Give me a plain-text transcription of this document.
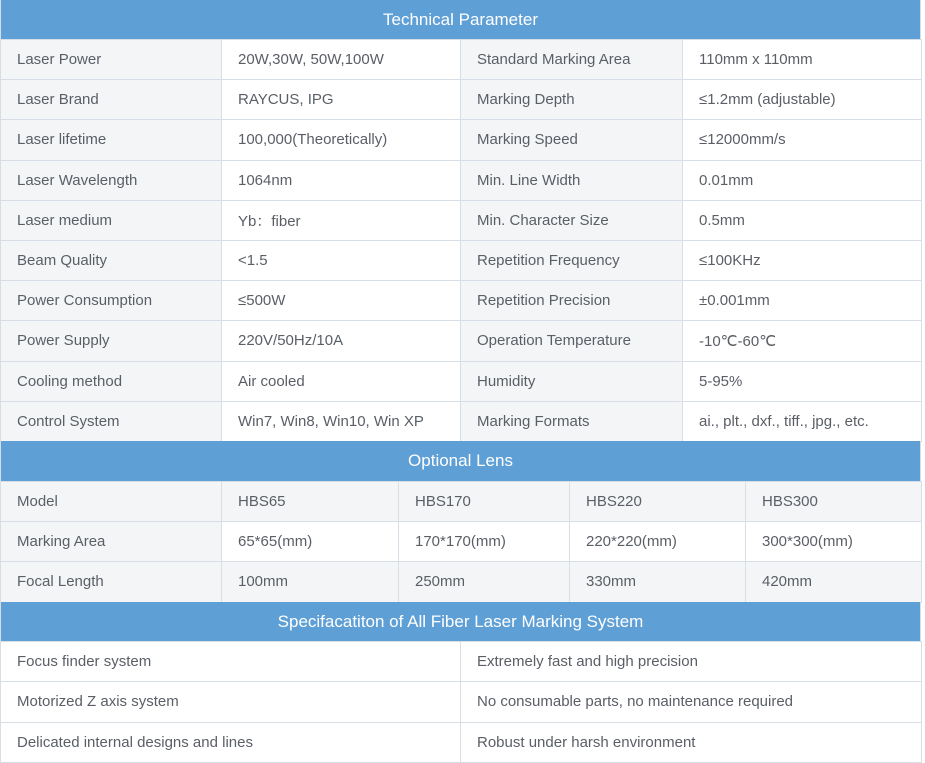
Technical Parameter
Laser Power	20W,30W, 50W,100W	Standard Marking Area	110mm x 110mm
Laser Brand	RAYCUS, IPG	Marking Depth	≤1.2mm (adjustable)
Laser lifetime	100,000(Theoretically)	Marking Speed	≤12000mm/s
Laser Wavelength	1064nm	Min. Line Width	0.01mm
Laser medium	Yb：fiber	Min. Character Size	0.5mm
Beam Quality	<1.5	Repetition Frequency	≤100KHz
Power Consumption	≤500W	Repetition Precision	±0.001mm
Power Supply	220V/50Hz/10A	Operation Temperature	-10℃-60℃
Cooling method	Air cooled	Humidity	5-95%
Control System	Win7, Win8, Win10, Win XP	Marking Formats	ai., plt., dxf., tiff., jpg., etc.
Optional Lens
Model	HBS65	HBS170	HBS220	HBS300
Marking Area	65*65(mm)	170*170(mm)	220*220(mm)	300*300(mm)
Focal Length	100mm	250mm	330mm	420mm
Specifacatiton of All Fiber Laser Marking System
Focus finder system	Extremely fast and high precision
Motorized Z axis system	No consumable parts, no maintenance required
Delicated internal designs and lines	Robust under harsh environment
